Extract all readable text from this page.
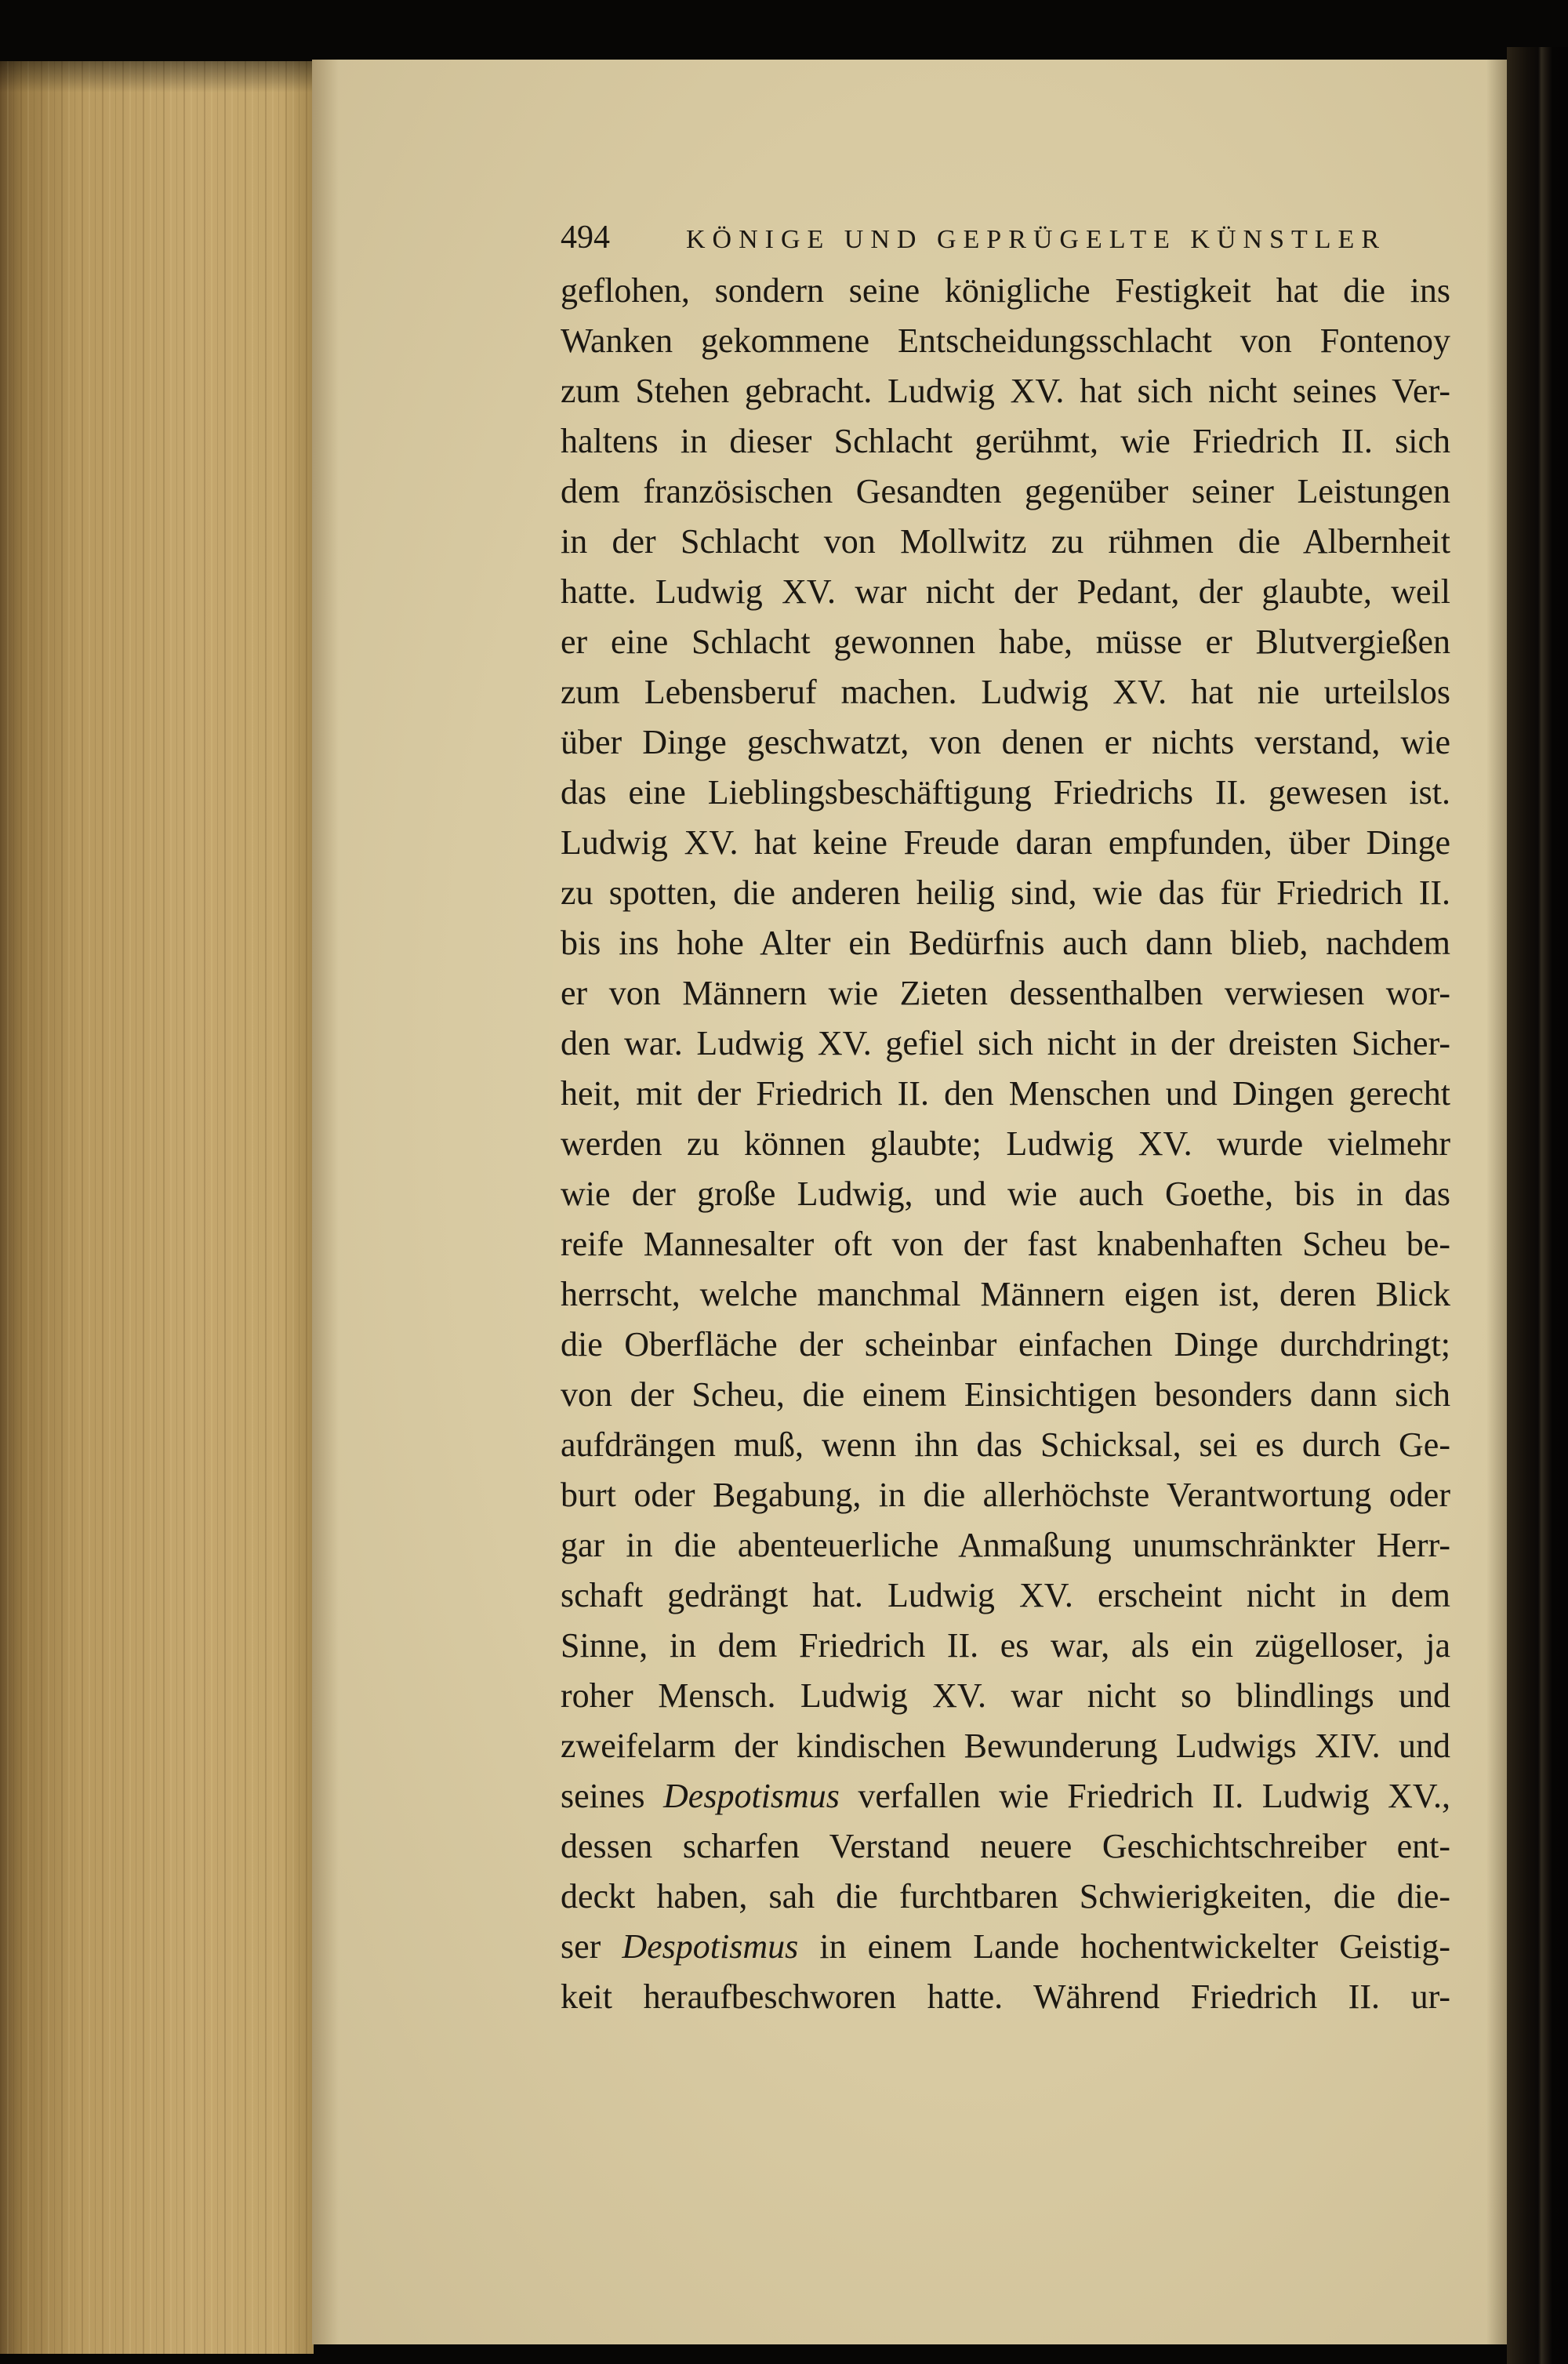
494	KÖNIGE UND GEPRÜGELTE KÜNSTLER
geflohen, sondern seine königliche Festigkeit hat die ins
Wanken gekommene Entscheidungsschlacht von Fontenoy
zum Stehen gebracht. Ludwig XV. hat sich nicht seines Ver-
haltens in dieser Schlacht gerühmt, wie Friedrich II. sich
dem französischen Gesandten gegenüber seiner Leistungen
in der Schlacht von Mollwitz zu rühmen die Albernheit
hatte. Ludwig XV. war nicht der Pedant, der glaubte, weil
er eine Schlacht gewonnen habe, müsse er Blutvergießen
zum Lebensberuf machen. Ludwig XV. hat nie urteilslos
über Dinge geschwatzt, von denen er nichts verstand, wie
das eine Lieblingsbeschäftigung Friedrichs II. gewesen ist.
Ludwig XV. hat keine Freude daran empfunden, über Dinge
zu spotten, die anderen heilig sind, wie das für Friedrich II.
bis ins hohe Alter ein Bedürfnis auch dann blieb, nachdem
er von Männern wie Zieten dessenthalben verwiesen wor-
den war. Ludwig XV. gefiel sich nicht in der dreisten Sicher-
heit, mit der Friedrich II. den Menschen und Dingen gerecht
werden zu können glaubte; Ludwig XV. wurde vielmehr
wie der große Ludwig, und wie auch Goethe, bis in das
reife Mannesalter oft von der fast knabenhaften Scheu be-
herrscht, welche manchmal Männern eigen ist, deren Blick
die Oberfläche der scheinbar einfachen Dinge durchdringt;
von der Scheu, die einem Einsichtigen besonders dann sich
aufdrängen muß, wenn ihn das Schicksal, sei es durch Ge-
burt oder Begabung, in die allerhöchste Verantwortung oder
gar in die abenteuerliche Anmaßung unumschränkter Herr-
schaft gedrängt hat. Ludwig XV. erscheint nicht in dem
Sinne, in dem Friedrich II. es war, als ein zügelloser, ja
roher Mensch. Ludwig XV. war nicht so blindlings und
zweifelarm der kindischen Bewunderung Ludwigs XIV. und
seines Despotismus verfallen wie Friedrich II. Ludwig XV.,
dessen scharfen Verstand neuere Geschichtschreiber ent-
deckt haben, sah die furchtbaren Schwierigkeiten, die die-
ser Despotismus in einem Lande hochentwickelter Geistig-
keit heraufbeschworen hatte. Während Friedrich II. ur-
